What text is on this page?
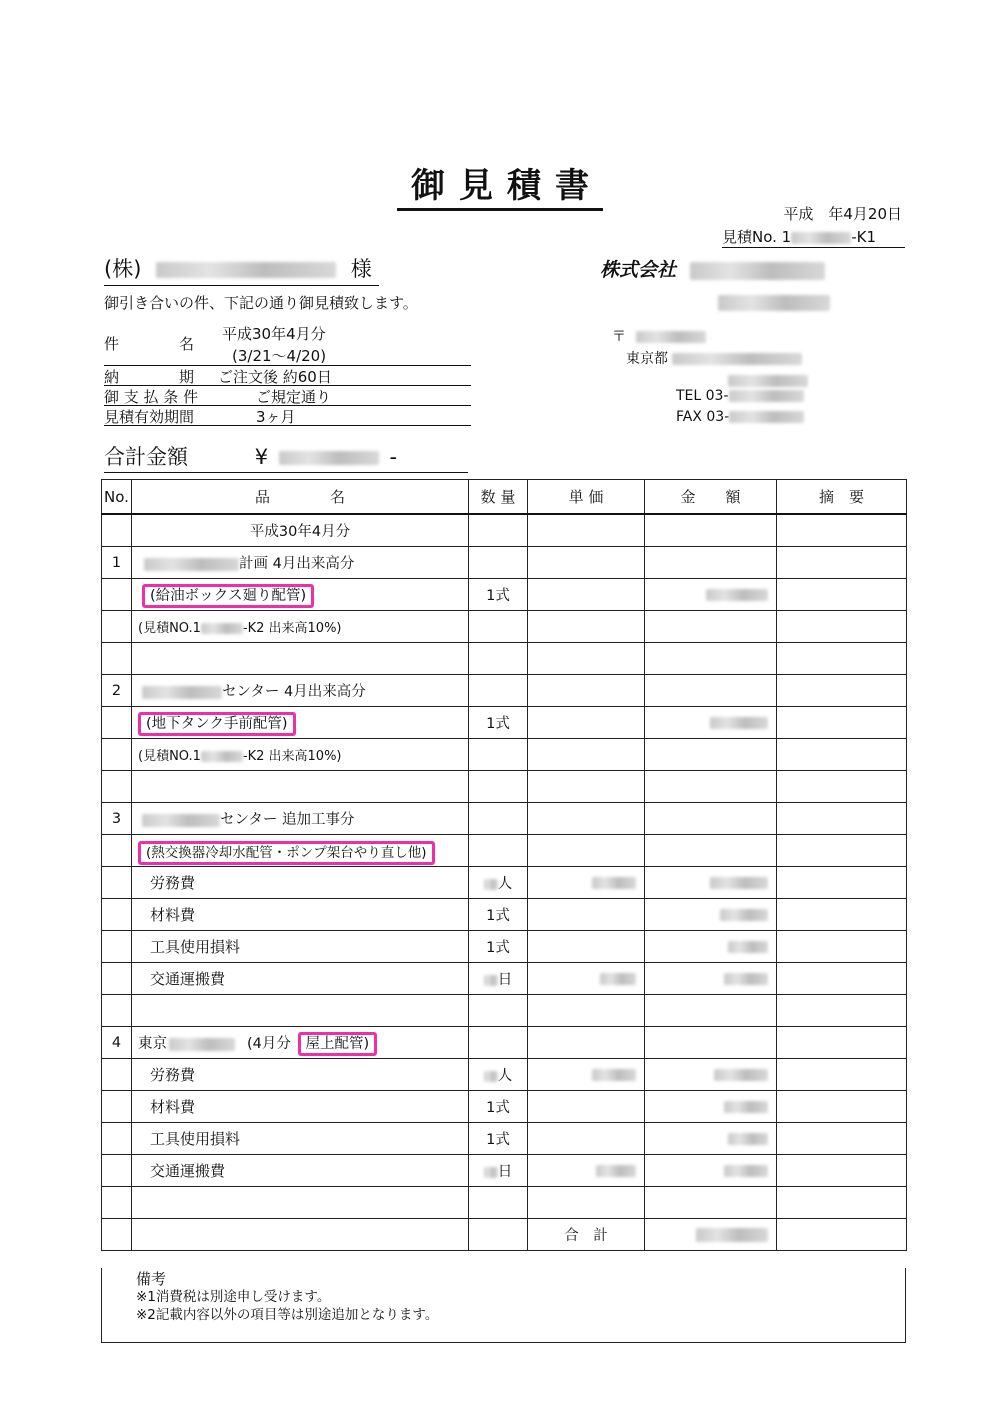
御見積書
平成　年4月20日
見積No. 1	-K1
(株)	様
御引き合いの件、下記の通り御見積致します。
株式会社
〒
東京都
TEL 03-
FAX 03-
件　　　　名
平成30年4月分
(3/21～4/20)
納　　　　期 ご注文後 約60日
御 支 払 条 件	ご規定通り
見積有効期間	3ヶ月
合計金額	¥	-
No.	品　　　　名	数 量	単 価	金　　額	摘　要
	平成30年4月分				
1	計画 4月出来高分				
	(給油ボックス廻り配管)	1式			
	(見積NO.1 -K2 出来高10%)				

2	センター 4月出来高分				
	(地下タンク手前配管)	1式			
	(見積NO.1 -K2 出来高10%)				

3	センター 追加工事分				
	(熱交換器冷却水配管・ポンプ架台やり直し他)				
	労務費	人			
	材料費	1式			
	工具使用損料	1式			
	交通運搬費	日			

4	東京 (4月分 屋上配管)				
	労務費	人			
	材料費	1式			
	工具使用損料	1式			
	交通運搬費	日			

			合　計		
備考
※1消費税は別途申し受けます。
※2記載内容以外の項目等は別途追加となります。
